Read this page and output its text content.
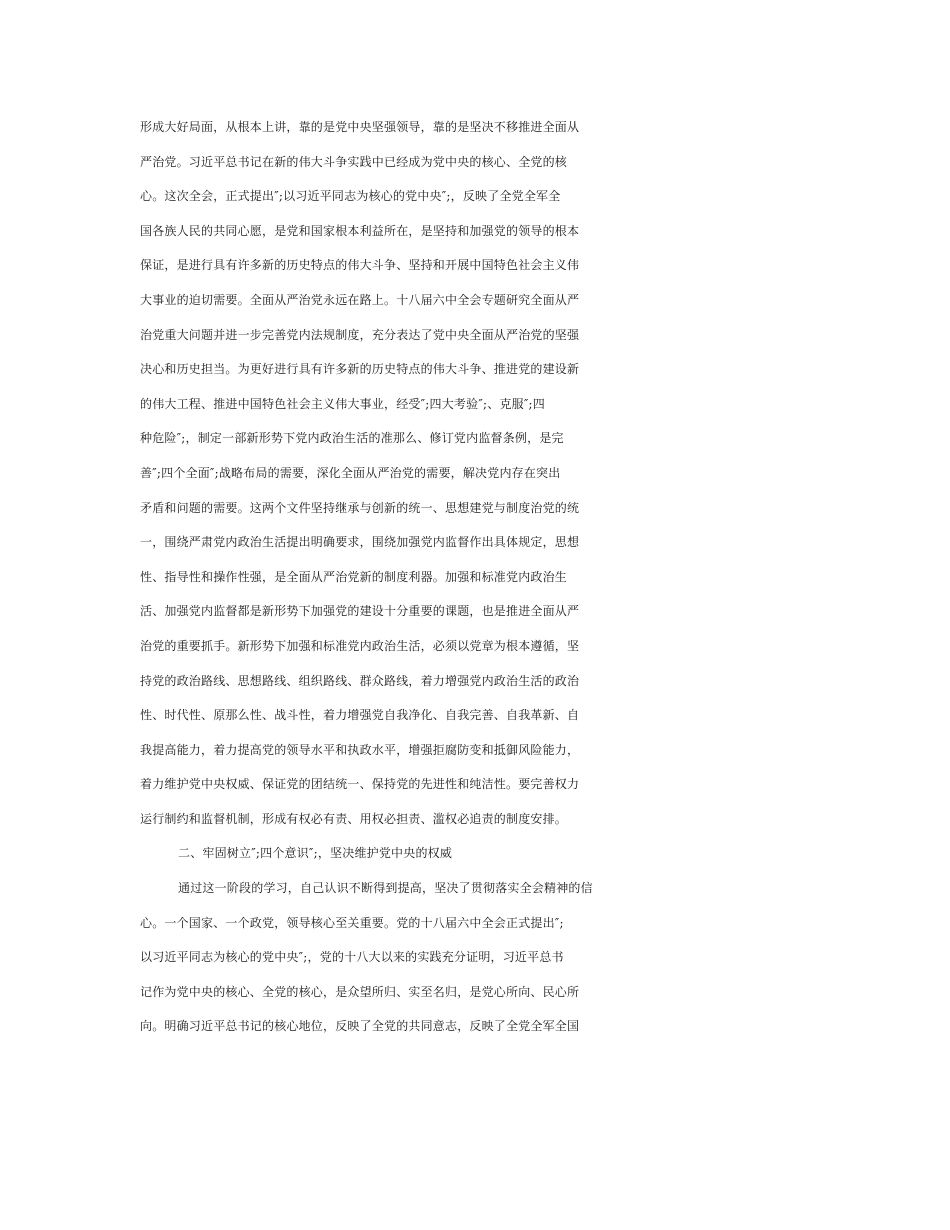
形成大好局面，从根本上讲，靠的是党中央坚强领导，靠的是坚决不移推进全面从
严治党。习近平总书记在新的伟大斗争实践中已经成为党中央的核心、全党的核
心。这次全会，正式提出″;以习近平同志为核心的党中央″;，反映了全党全军全
国各族人民的共同心愿，是党和国家根本利益所在，是坚持和加强党的领导的根本
保证，是进行具有许多新的历史特点的伟大斗争、坚持和开展中国特色社会主义伟
大事业的迫切需要。全面从严治党永远在路上。十八届六中全会专题研究全面从严
治党重大问题并进一步完善党内法规制度，充分表达了党中央全面从严治党的坚强
决心和历史担当。为更好进行具有许多新的历史特点的伟大斗争、推进党的建设新
的伟大工程、推进中国特色社会主义伟大事业，经受″;四大考验″;、克服″;四
种危险″;，制定一部新形势下党内政治生活的准那么、修订党内监督条例，是完
善″;四个全面″;战略布局的需要，深化全面从严治党的需要，解决党内存在突出
矛盾和问题的需要。这两个文件坚持继承与创新的统一、思想建党与制度治党的统
一，围绕严肃党内政治生活提出明确要求，围绕加强党内监督作出具体规定，思想
性、指导性和操作性强，是全面从严治党新的制度利器。加强和标准党内政治生
活、加强党内监督都是新形势下加强党的建设十分重要的课题，也是推进全面从严
治党的重要抓手。新形势下加强和标准党内政治生活，必须以党章为根本遵循，坚
持党的政治路线、思想路线、组织路线、群众路线，着力增强党内政治生活的政治
性、时代性、原那么性、战斗性，着力增强党自我净化、自我完善、自我革新、自
我提高能力，着力提高党的领导水平和执政水平，增强拒腐防变和抵御风险能力，
着力维护党中央权威、保证党的团结统一、保持党的先进性和纯洁性。要完善权力
运行制约和监督机制，形成有权必有责、用权必担责、滥权必追责的制度安排。
二、牢固树立″;四个意识″;，坚决维护党中央的权威
通过这一阶段的学习，自己认识不断得到提高，坚决了贯彻落实全会精神的信
心。一个国家、一个政党，领导核心至关重要。党的十八届六中全会正式提出″;
以习近平同志为核心的党中央″;，党的十八大以来的实践充分证明，习近平总书
记作为党中央的核心、全党的核心，是众望所归、实至名归，是党心所向、民心所
向。明确习近平总书记的核心地位，反映了全党的共同意志，反映了全党全军全国
